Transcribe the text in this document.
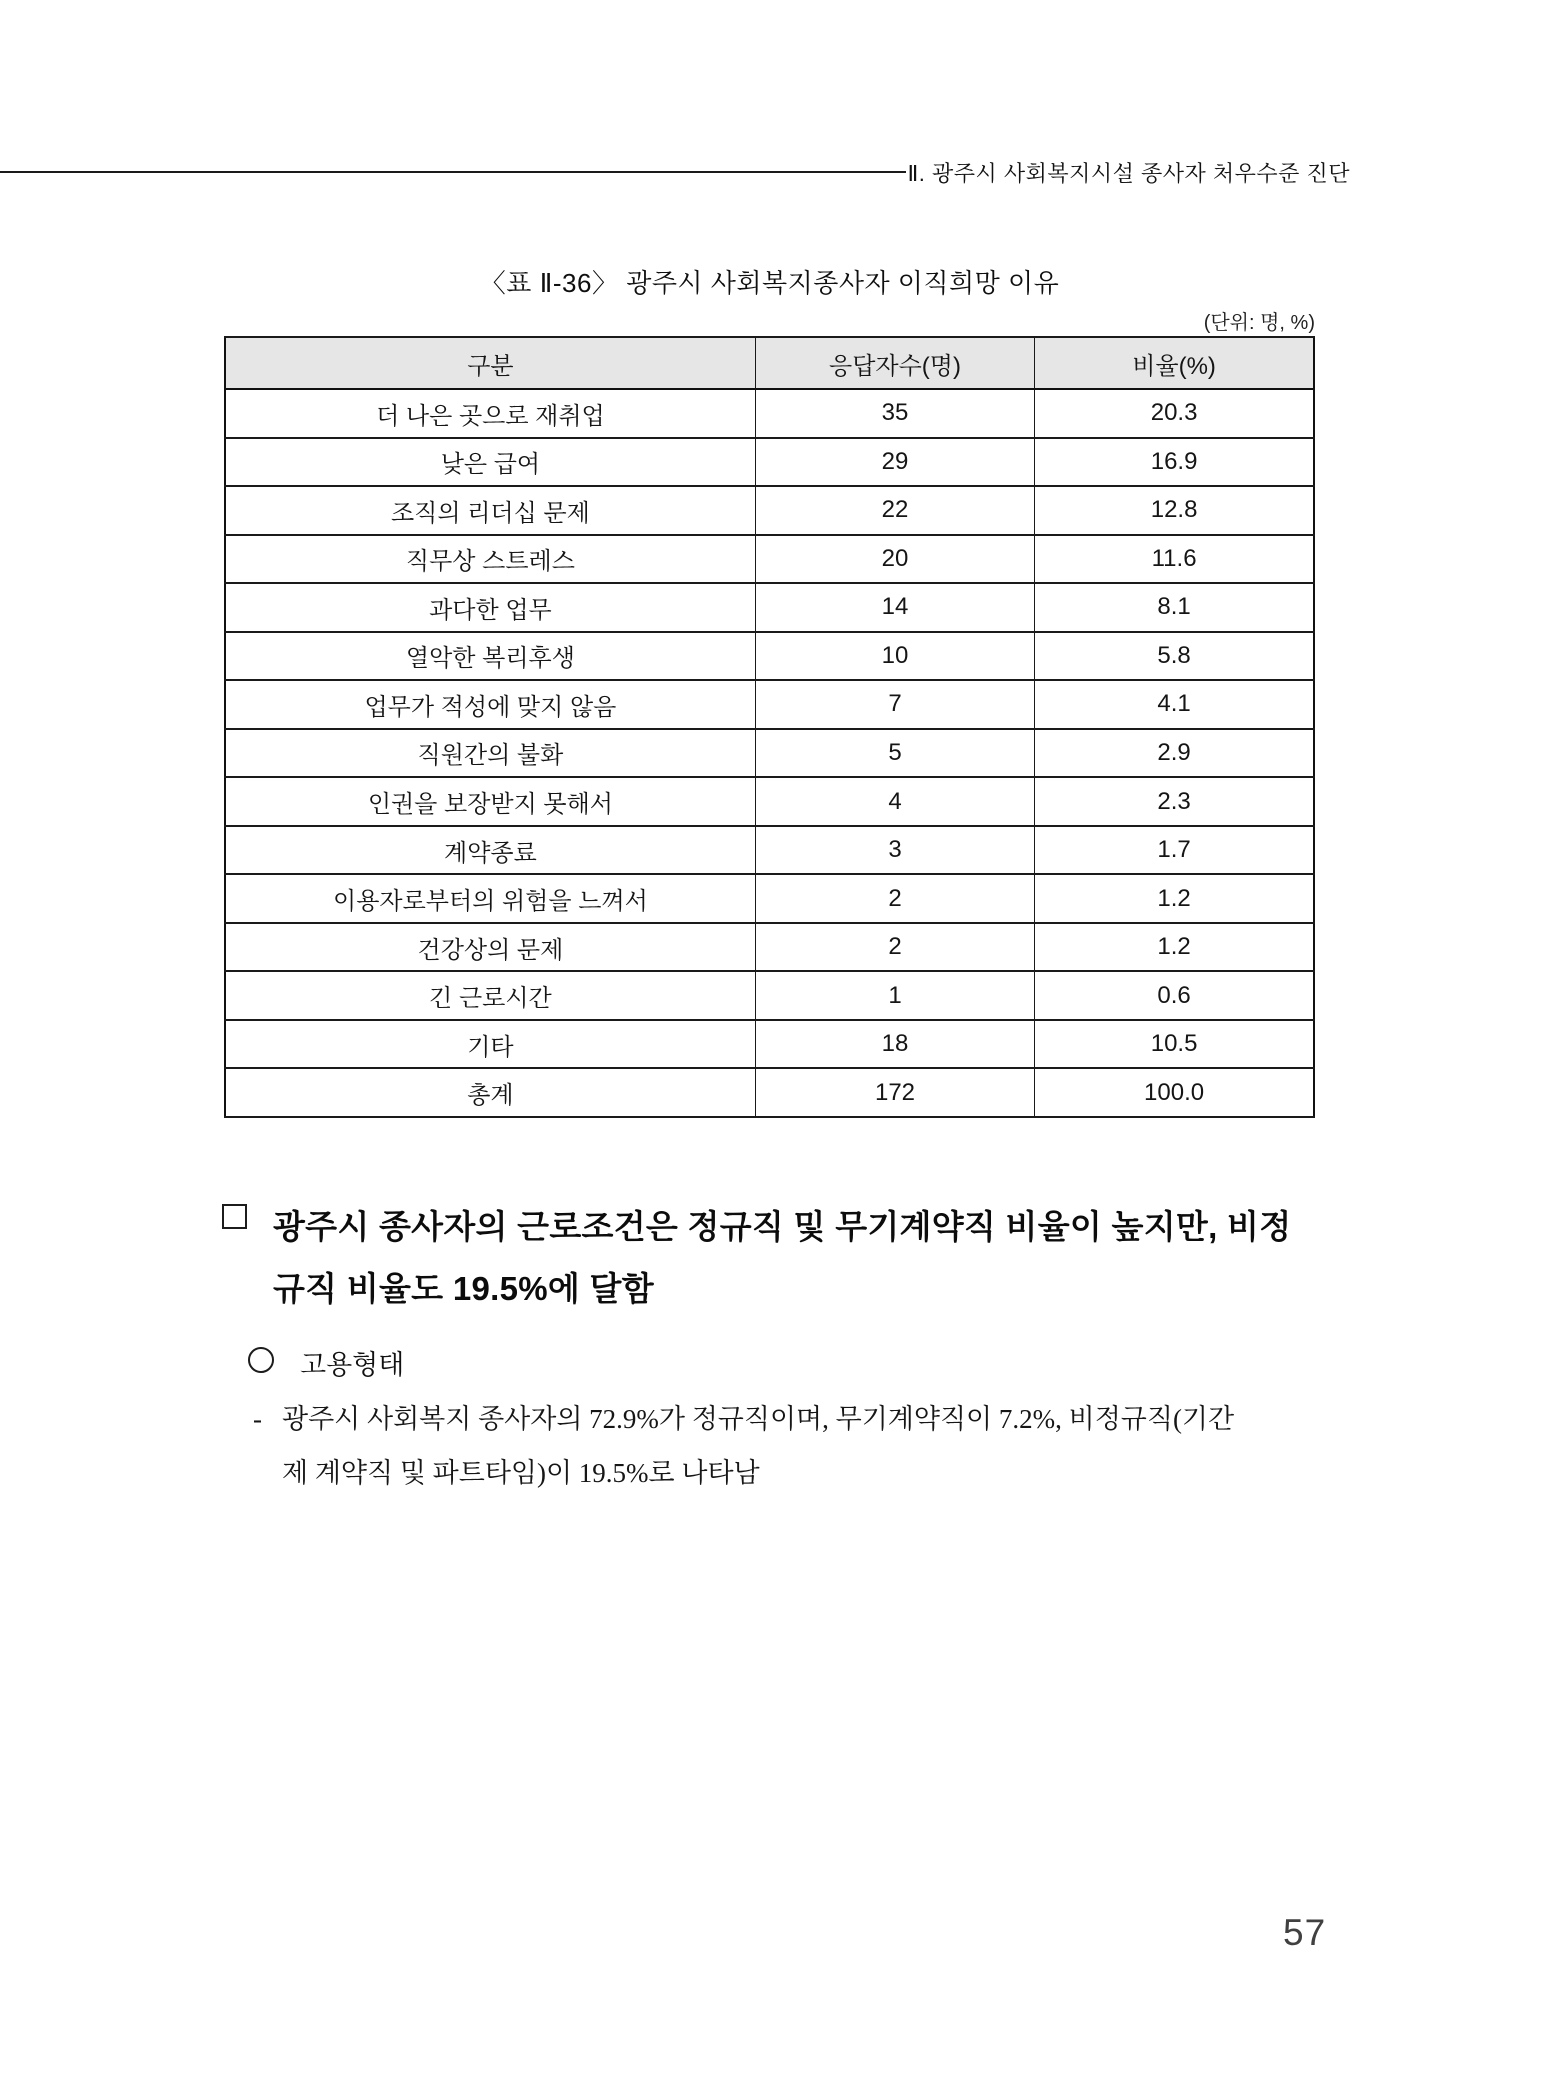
Ⅱ. 광주시 사회복지시설 종사자 처우수준 진단
〈표 Ⅱ-36〉 광주시 사회복지종사자 이직희망 이유
(단위: 명, %)
구분	응답자수(명)	비율(%)
더 나은 곳으로 재취업	35	20.3
낮은 급여	29	16.9
조직의 리더십 문제	22	12.8
직무상 스트레스	20	11.6
과다한 업무	14	8.1
열악한 복리후생	10	5.8
업무가 적성에 맞지 않음	7	4.1
직원간의 불화	5	2.9
인권을 보장받지 못해서	4	2.3
계약종료	3	1.7
이용자로부터의 위험을 느껴서	2	1.2
건강상의 문제	2	1.2
긴 근로시간	1	0.6
기타	18	10.5
총계	172	100.0
광주시 종사자의 근로조건은 정규직 및 무기계약직 비율이 높지만, 비정
규직 비율도 19.5%에 달함
고용형태
- 광주시 사회복지 종사자의 72.9%가 정규직이며, 무기계약직이 7.2%, 비정규직(기간
제 계약직 및 파트타임)이 19.5%로 나타남
57
